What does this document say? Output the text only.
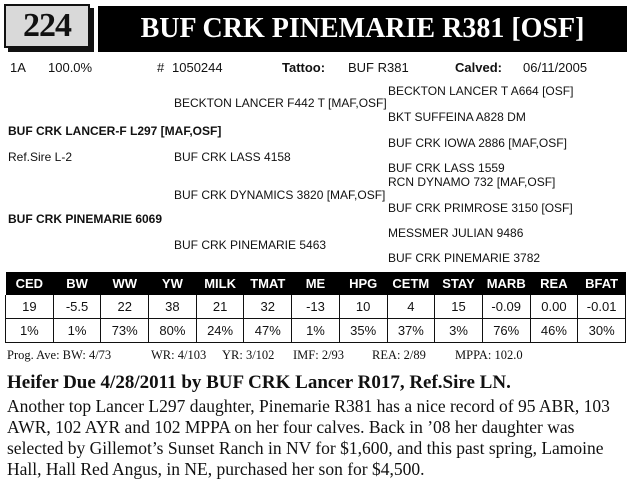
224 BUF CRK PINEMARIE R381 [OSF]
1A 100.0%	# 1050244	Tattoo: BUF R381	Calved: 06/11/2005
BUF CRK LANCER-F L297 [MAF,OSF]
Ref.Sire L-2
BUF CRK PINEMARIE 6069
BECKTON LANCER F442 T [MAF,OSF]
BUF CRK LASS 4158
BUF CRK DYNAMICS 3820 [MAF,OSF]
BUF CRK PINEMARIE 5463
BECKTON LANCER T A664 [OSF]
BKT SUFFEINA A828 DM
BUF CRK IOWA 2886 [MAF,OSF]
BUF CRK LASS 1559
RCN DYNAMO 732 [MAF,OSF]
BUF CRK PRIMROSE 3150 [OSF]
MESSMER JULIAN 9486
BUF CRK PINEMARIE 3782
CED	BW	WW	YW	MILK	TMAT	ME	HPG	CETM	STAY	MARB	REA	BFAT
19	-5.5	22	38	21	32	-13	10	4	15	-0.09	0.00	-0.01
1%	1%	73%	80%	24%	47%	1%	35%	37%	3%	76%	46%	30%
Prog. Ave: BW: 4/73	WR: 4/103 YR: 3/102 IMF: 2/93 REA: 2/89 MPPA: 102.0
Heifer Due 4/28/2011 by BUF CRK Lancer R017, Ref.Sire LN.
Another top Lancer L297 daughter, Pinemarie R381 has a nice record of 95 ABR, 103 AWR, 102 AYR and 102 MPPA on her four calves. Back in ’08 her daughter was selected by Gillemot’s Sunset Ranch in NV for $1,600, and this past spring, Lamoine Hall, Hall Red Angus, in NE, purchased her son for $4,500.
